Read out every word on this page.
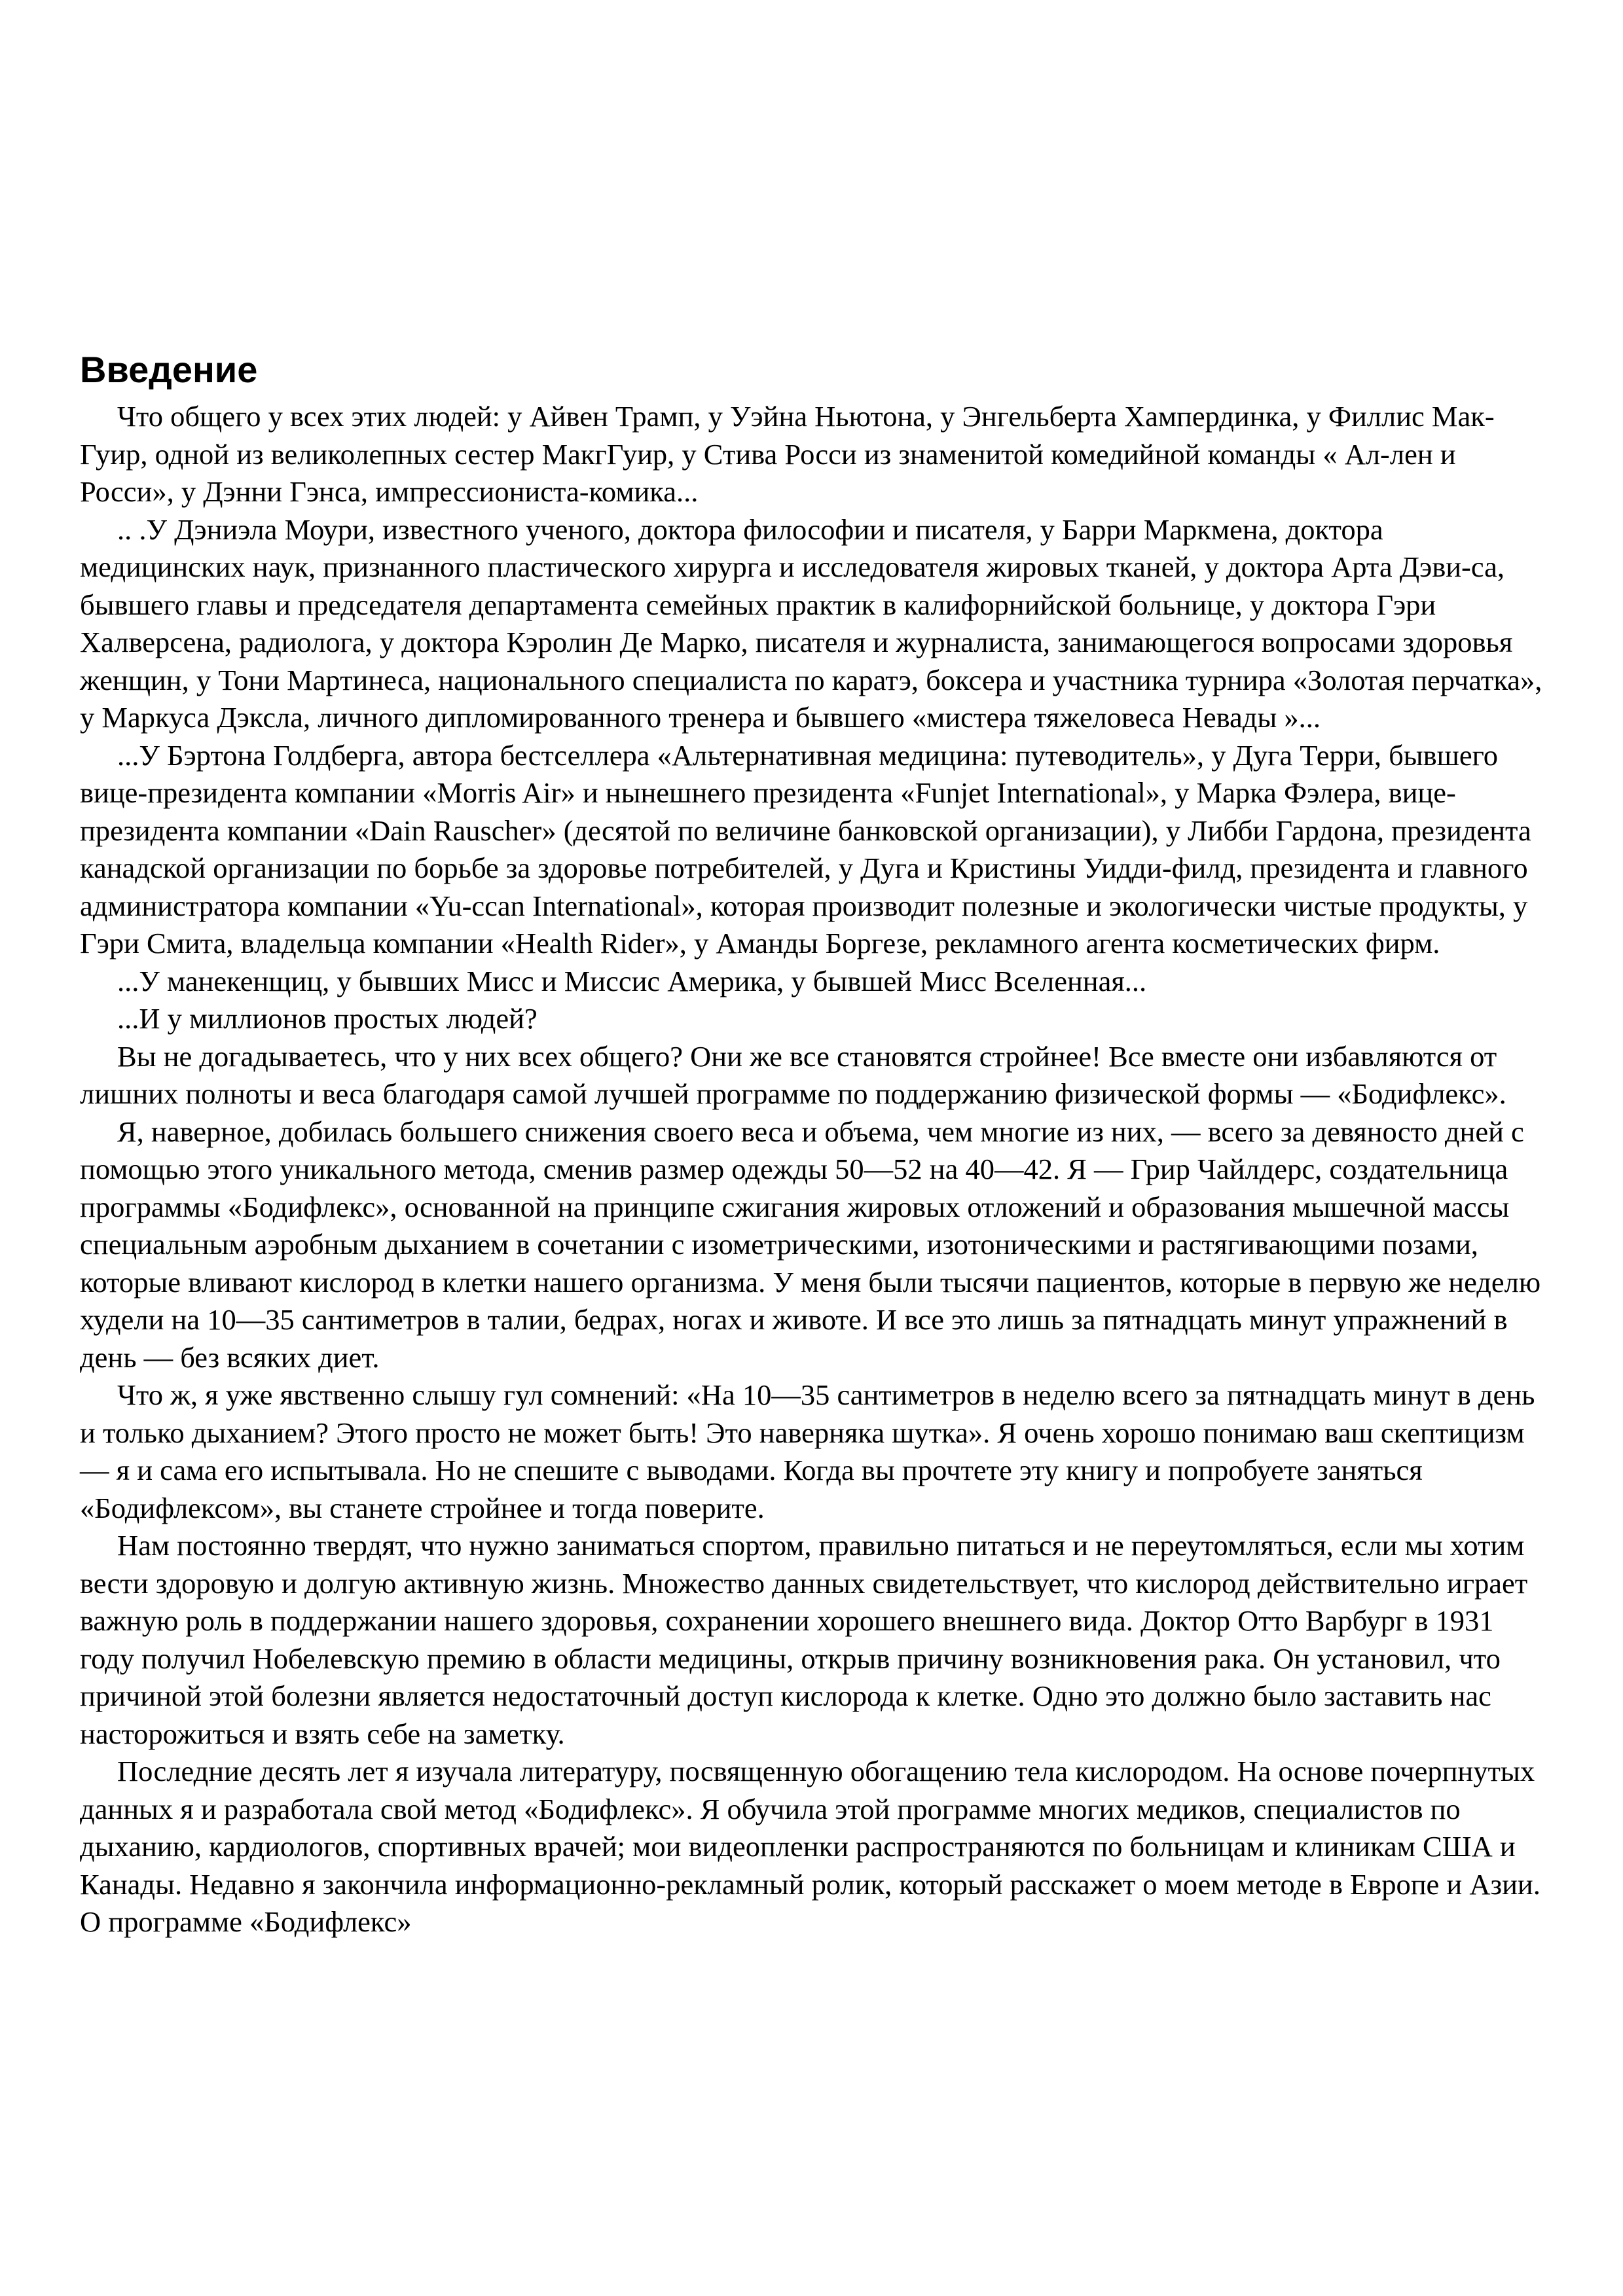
Введение

Что общего у всех этих людей: у Айвен Трамп, у Уэйна Ньютона, у Энгельберта Хампердинка, у Филлис Мак-Гуир, одной из великолепных сестер МакгГуир, у Стива Росси из знаменитой комедийной команды « Ал-лен и Росси», у Дэнни Гэнса, импрессиониста-комика...

.. .У Дэниэла Моури, известного ученого, доктора философии и писателя, у Барри Маркмена, доктора медицинских наук, признанного пластического хирурга и исследователя жировых тканей, у доктора Арта Дэви-са, бывшего главы и председателя департамента семейных практик в калифорнийской больнице, у доктора Гэри Халверсена, радиолога, у доктора Кэролин Де Марко, писателя и журналиста, занимающегося вопросами здоровья женщин, у Тони Мартинеса, национального специалиста по каратэ, боксера и участника турнира «Золотая перчатка», у Маркуса Дэксла, личного дипломированного тренера и бывшего «мистера тяжеловеса Невады »...

...У Бэртона Голдберга, автора бестселлера «Альтернативная медицина: путеводитель», у Дуга Терри, бывшего вице-президента компании «Morris Air» и нынешнего президента «Funjet International», у Марка Фэлера, вице-президента компании «Dain Rauscher» (десятой по величине банковской организации), у Либби Гардона, президента канадской организации по борьбе за здоровье потребителей, у Дуга и Кристины Уидди-филд, президента и главного администратора компании «Yu-ccan International», которая производит полезные и экологически чистые продукты, у Гэри Смита, владельца компании «Health Rider», у Аманды Боргезе, рекламного агента косметических фирм.

...У манекенщиц, у бывших Мисс и Миссис Америка, у бывшей Мисс Вселенная...

...И у миллионов простых людей?

Вы не догадываетесь, что у них всех общего? Они же все становятся стройнее! Все вместе они избавляются от лишних полноты и веса благодаря самой лучшей программе по поддержанию физической формы — «Бодифлекс».

Я, наверное, добилась большего снижения своего веса и объема, чем многие из них, — всего за девяносто дней с помощью этого уникального метода, сменив размер одежды 50—52 на 40—42. Я — Грир Чайлдерс, создательница программы «Бодифлекс», основанной на принципе сжигания жировых отложений и образования мышечной массы специальным аэробным дыханием в сочетании с изометрическими, изотоническими и растягивающими позами, которые вливают кислород в клетки нашего организма. У меня были тысячи пациентов, которые в первую же неделю худели на 10—35 сантиметров в талии, бедрах, ногах и животе. И все это лишь за пятнадцать минут упражнений в день — без всяких диет.

Что ж, я уже явственно слышу гул сомнений: «На 10—35 сантиметров в неделю всего за пятнадцать минут в день и только дыханием? Этого просто не может быть! Это наверняка шутка». Я очень хорошо понимаю ваш скептицизм — я и сама его испытывала. Но не спешите с выводами. Когда вы прочтете эту книгу и попробуете заняться «Бодифлексом», вы станете стройнее и тогда поверите.

Нам постоянно твердят, что нужно заниматься спортом, правильно питаться и не переутомляться, если мы хотим вести здоровую и долгую активную жизнь. Множество данных свидетельствует, что кислород действительно играет важную роль в поддержании нашего здоровья, сохранении хорошего внешнего вида. Доктор Отто Варбург в 1931 году получил Нобелевскую премию в области медицины, открыв причину возникновения рака. Он установил, что причиной этой болезни является недостаточный доступ кислорода к клетке. Одно это должно было заставить нас насторожиться и взять себе на заметку.

Последние десять лет я изучала литературу, посвященную обогащению тела кислородом. На основе почерпнутых данных я и разработала свой метод «Бодифлекс». Я обучила этой программе многих медиков, специалистов по дыханию, кардиологов, спортивных врачей; мои видеопленки распространяются по больницам и клиникам США и Канады. Недавно я закончила информационно-рекламный ролик, который расскажет о моем методе в Европе и Азии. О программе «Бодифлекс»
